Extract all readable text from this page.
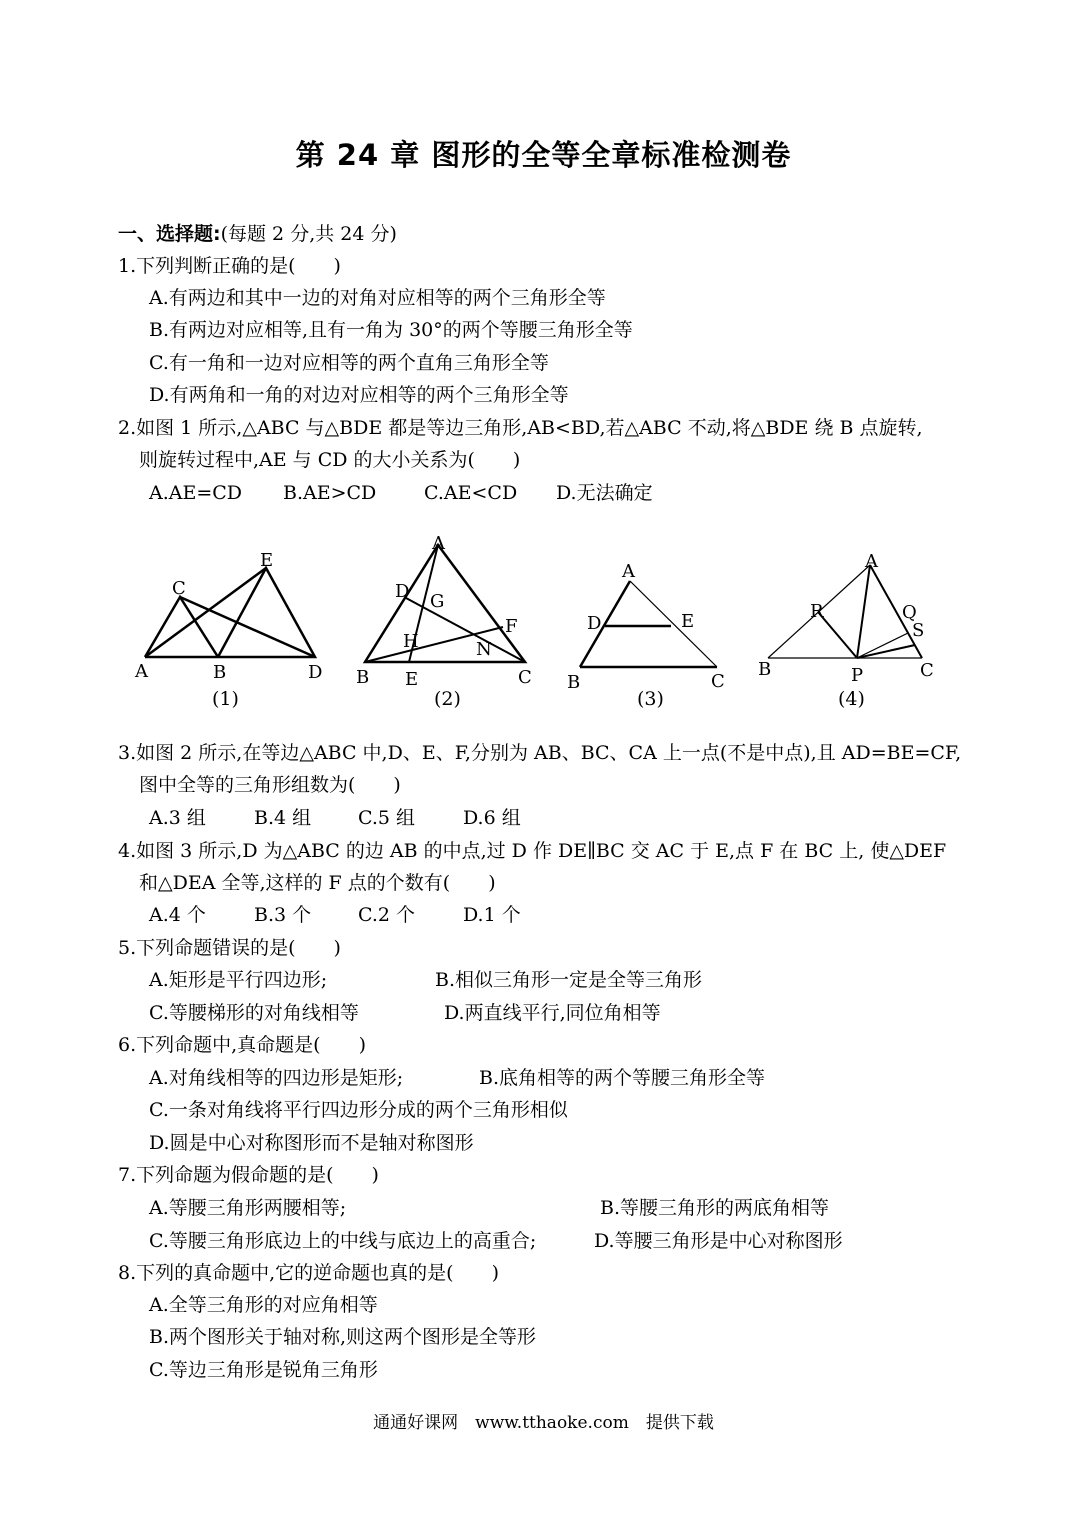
第 24 章 图形的全等全章标准检测卷
一、选择题:(每题 2 分,共 24 分)
1.下列判断正确的是(　　)
A.有两边和其中一边的对角对应相等的两个三角形全等
B.有两边对应相等,且有一角为 30°的两个等腰三角形全等
C.有一角和一边对应相等的两个直角三角形全等
D.有两角和一角的对边对应相等的两个三角形全等
2.如图 1 所示,△ABC 与△BDE 都是等边三角形,AB<BD,若△ABC 不动,将△BDE 绕 B 点旋转,
则旋转过程中,AE 与 CD 的大小关系为(　　)
A.AE=CD B.AE>CD	C.AE<CD D.无法确定
A	B
C
D
E
(1)
A
B	C
D
E
F
G
H	N
(2)
A
B	C
D	E
(3)
A
B	C
P
Q
R
S
(4)
3.如图 2 所示,在等边△ABC 中,D、E、F,分别为 AB、BC、CA 上一点(不是中点),且 AD=BE=CF,
图中全等的三角形组数为(　　)
A.3 组	B.4 组 C.5 组	D.6 组
4.如图 3 所示,D 为△ABC 的边 AB 的中点,过 D 作 DE∥BC 交 AC 于 E,点 F 在 BC 上, 使△DEF
和△DEA 全等,这样的 F 点的个数有(　　)
A.4 个	B.3 个 C.2 个	D.1 个
5.下列命题错误的是(　　)
A.矩形是平行四边形;	B.相似三角形一定是全等三角形
C.等腰梯形的对角线相等	D.两直线平行,同位角相等
6.下列命题中,真命题是(　　)
A.对角线相等的四边形是矩形;	B.底角相等的两个等腰三角形全等
C.一条对角线将平行四边形分成的两个三角形相似
D.圆是中心对称图形而不是轴对称图形
7.下列命题为假命题的是(　　)
A.等腰三角形两腰相等;	B.等腰三角形的两底角相等
C.等腰三角形底边上的中线与底边上的高重合;	D.等腰三角形是中心对称图形
8.下列的真命题中,它的逆命题也真的是(　　)
A.全等三角形的对应角相等
B.两个图形关于轴对称,则这两个图形是全等形
C.等边三角形是锐角三角形
通通好课网　www.tthaoke.com　提供下载
